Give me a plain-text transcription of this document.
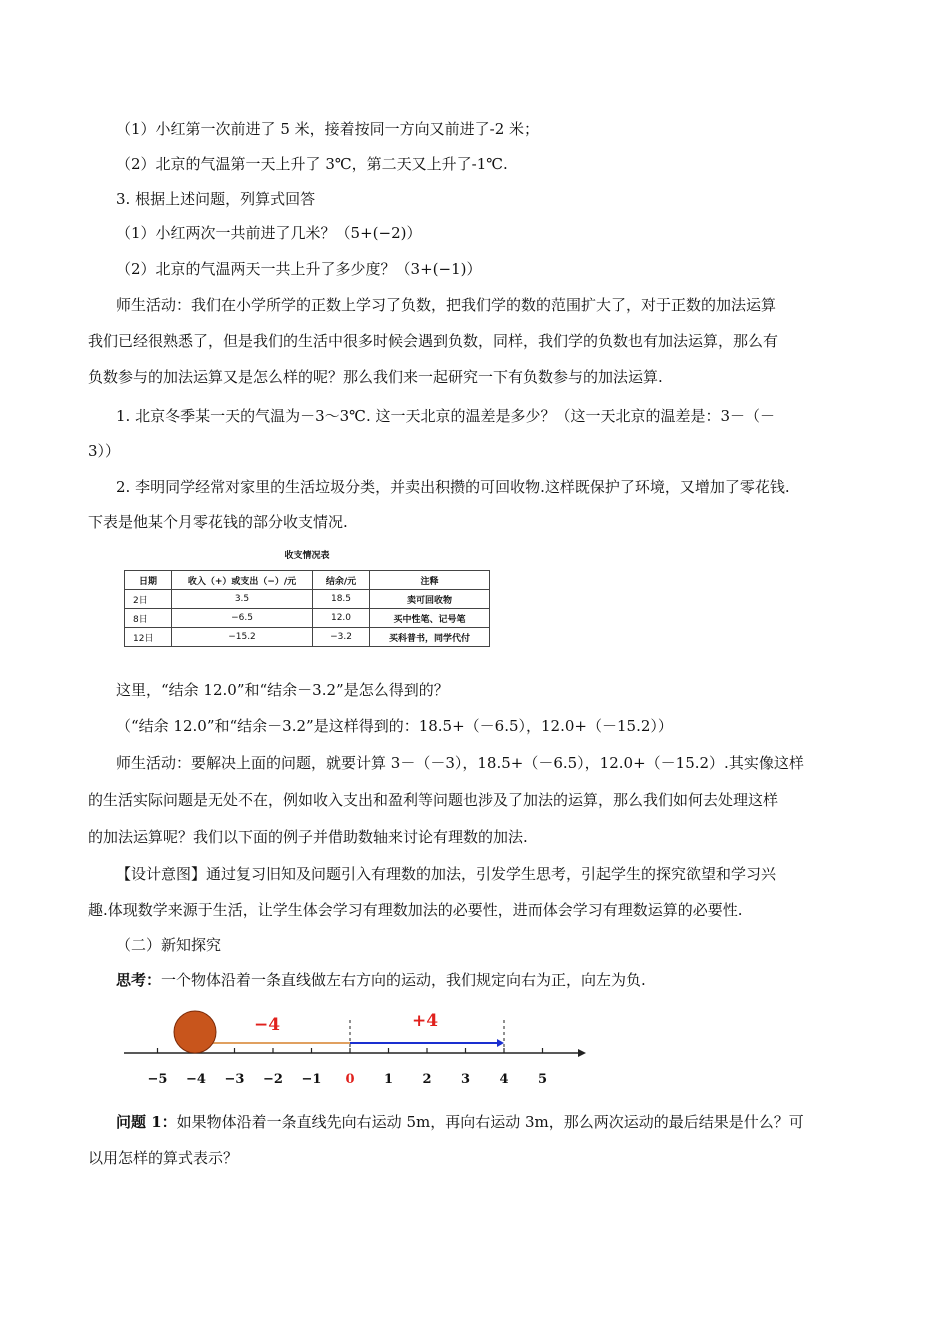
（1）小红第一次前进了 5 米，接着按同一方向又前进了-2 米；
（2）北京的气温第一天上升了 3℃，第二天又上升了-1℃.
3. 根据上述问题，列算式回答
（1）小红两次一共前进了几米？（5+(−2)）
（2）北京的气温两天一共上升了多少度？（3+(−1)）
师生活动：我们在小学所学的正数上学习了负数，把我们学的数的范围扩大了，对于正数的加法运算
我们已经很熟悉了，但是我们的生活中很多时候会遇到负数，同样，我们学的负数也有加法运算，那么有
负数参与的加法运算又是怎么样的呢？那么我们来一起研究一下有负数参与的加法运算.
1. 北京冬季某一天的气温为－3～3℃. 这一天北京的温差是多少？（这一天北京的温差是：3－（－
3））
2. 李明同学经常对家里的生活垃圾分类，并卖出积攒的可回收物.这样既保护了环境，又增加了零花钱.
下表是他某个月零花钱的部分收支情况.
收支情况表
日期	收入（+）或支出（−）/元	结余/元	注释
2日	3.5	18.5	卖可回收物
8日	−6.5	12.0	买中性笔、记号笔
12日	−15.2	−3.2	买科普书，同学代付
这里，“结余 12.0”和“结余－3.2”是怎么得到的？
（“结余 12.0”和“结余－3.2”是这样得到的：18.5+（－6.5），12.0+（－15.2））
师生活动：要解决上面的问题，就要计算 3－（－3），18.5+（－6.5），12.0+（－15.2）.其实像这样
的生活实际问题是无处不在，例如收入支出和盈利等问题也涉及了加法的运算，那么我们如何去处理这样
的加法运算呢？我们以下面的例子并借助数轴来讨论有理数的加法.
【设计意图】通过复习旧知及问题引入有理数的加法，引发学生思考，引起学生的探究欲望和学习兴
趣.体现数学来源于生活，让学生体会学习有理数加法的必要性，进而体会学习有理数运算的必要性.
（二）新知探究
思考：一个物体沿着一条直线做左右方向的运动，我们规定向右为正，向左为负.
−5 −4 −3 −2 −1 0 1 2 3 4 5
−4	+4
问题 1：如果物体沿着一条直线先向右运动 5m，再向右运动 3m，那么两次运动的最后结果是什么？可
以用怎样的算式表示？
